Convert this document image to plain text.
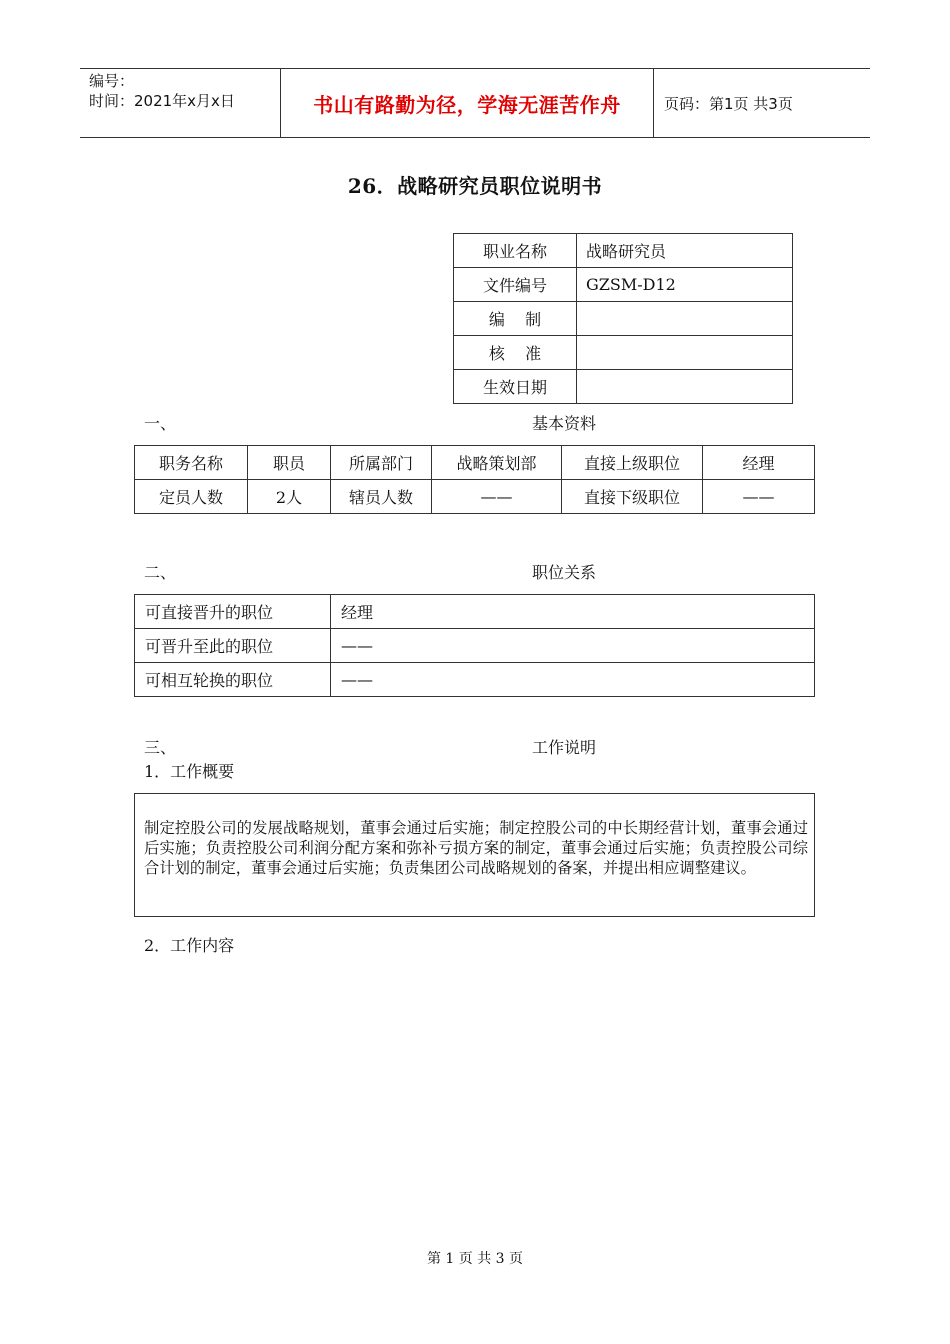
编号：
时间：2021年x月x日	书山有路勤为径，学海无涯苦作舟	页码：第1页 共3页
26．战略研究员职位说明书
职业名称	战略研究员
文件编号	GZSM-D12
编    制	
核    准	
生效日期	
一、	基本资料
职务名称	职员	所属部门	战略策划部	直接上级职位	经理
定员人数	2人	辖员人数	——	直接下级职位	——
二、	职位关系
可直接晋升的职位	经理
可晋升至此的职位	——
可相互轮换的职位	——
三、	工作说明
1．工作概要
制定控股公司的发展战略规划，董事会通过后实施；制定控股公司的中长期经营计划，董事会通过后实施；负责控股公司利润分配方案和弥补亏损方案的制定，董事会通过后实施；负责控股公司综合计划的制定，董事会通过后实施；负责集团公司战略规划的备案，并提出相应调整建议。
2．工作内容
第 1 页 共 3 页
